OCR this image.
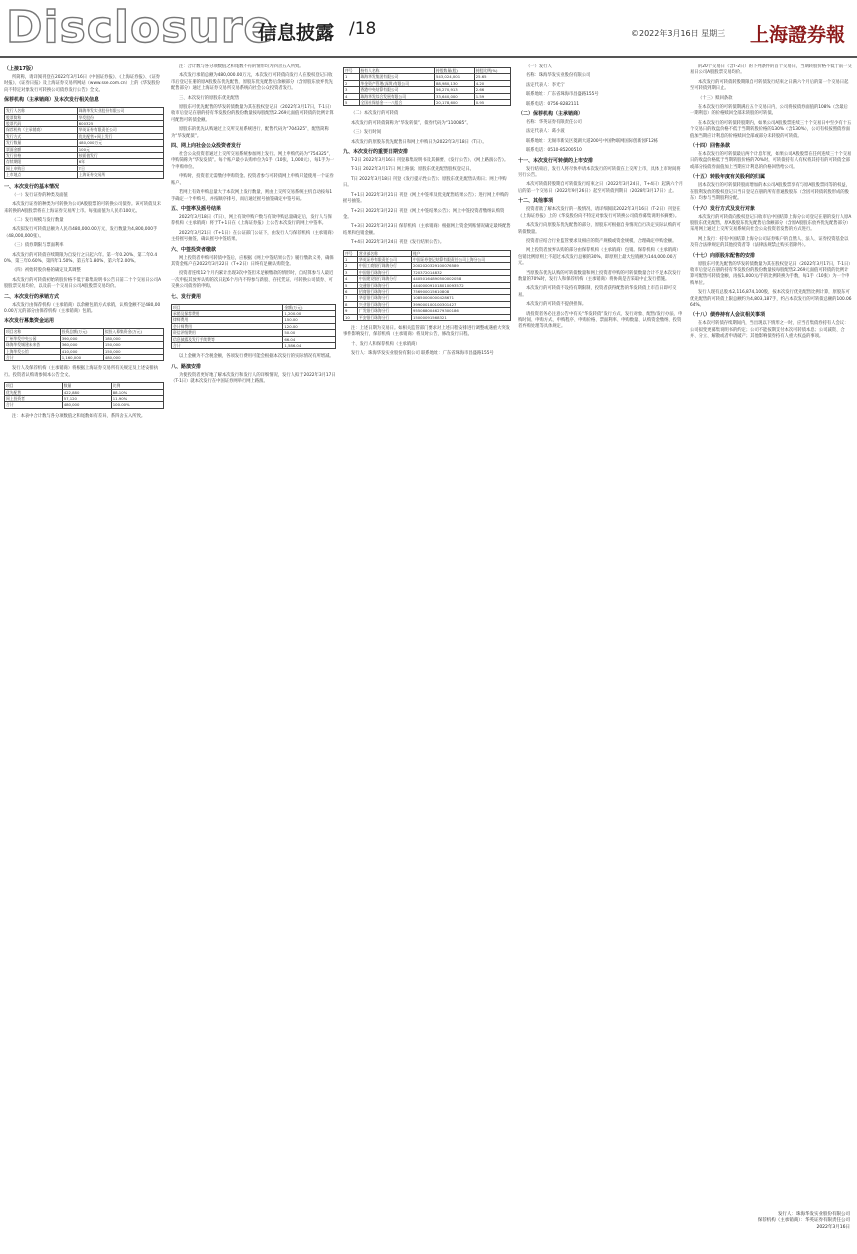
Disclosure
信息披露 /18	©2022年3月16日 星期三 上海證券報
（上接17版）

所简称，请详阅刊登在2022年3月16日《中国证券报》、《上海证券报》、《证券时报》、《证券日报》及上海证券交易所网站（www.sse.com.cn）上的《华发股份向不特定对象发行可转换公司债券发行公告》全文。

保荐机构（主承销商）及本次发行相关信息
发行人名称	珠海华发实业股份有限公司
股票简称	华发股份
股票代码	600325
保荐机构（主承销商）	华英证券有限责任公司
发行方式	优先配售+网上发行
发行数量	480,000万元
票面金额	100元
发行价格	按面值发行
存续期限	6年
网上申购日	T日
上市地点	上海证券交易所
一、本次发行的基本情况

（一）发行证券的种类及面值

本次发行证券的种类为可转换为公司A股股票的可转换公司债券。该可转债及未来转换的A股股票将在上海证券交易所上市。每张面值为人民币100元。

（二）发行规模与发行数量

本次拟发行可转债总额为人民币480,000.00万元，发行数量为4,800,000手（48,000,000张）。

（三）债券期限与票面利率

本次发行的可转债存续期限为自发行之日起六年。第一年0.20%、第二年0.40%、第三年0.60%、第四年1.50%、第五年1.80%、第六年2.00%。

（四）初始转股价格的确定及其调整

本次发行的可转债初始转股价格不低于募集说明书公告日前二十个交易日公司A股股票交易均价，以及前一个交易日公司A股股票交易均价。

二、本次发行的承销方式

本次发行由保荐机构（主承销商）以余额包销方式承销，认购金额不足480,000.00万元的部分由保荐机构（主承销商）包销。

本次发行募集资金运用
项目名称	投资总额(万元)	拟投入募集资金(万元)
广州华发中央公园	390,000	180,000
珠海华发城建未来荟	360,000	150,000
上海华发公馆	410,000	150,000
合计	1,160,000	480,000

发行人及保荐机构（主承销商）将根据上海证券交易所有关规定及上述安排执行。投资者认购请参阅本公告全文。

项目	数量	比例
优先配售	422,880	88.10%
网上投资者	57,120	11.90%
合计	480,000	100.00%

注：本表中合计数与各分项数值之和尾数如有差异，系四舍五入所致。

注：合计数与各分项数值之和尾数不符的情形均为四舍五入所致。

本次发行承销总额为480,000.00万元，本次发行可转债向发行人在股权登记日收市后登记在册的原A股股东优先配售，原股东优先配售后余额部分（含原股东放弃优先配售部分）通过上海证券交易所交易系统向社会公众投资者发行。

三、本次发行的原股东优先配售

原股东可优先配售的华发转债数量为其在股权登记日（2022年3月17日，T-1日）收市后登记在册的持有华发股份的股份数量按每股配售2.269元面值可转债的比例计算可配售可转债金额。

原股东的优先认购通过上交所交易系统进行，配售代码为“704325”，配售简称为“华发配债”。

四、网上向社会公众投资者发行

社会公众投资者通过上交所交易系统参加网上发行。网上申购代码为“754325”，申购简称为“华发发债”。每个账户最小认购单位为1手（10张，1,000元），每1手为一个申购单位。

申购时，投资者无需缴付申购资金。投资者参与可转债网上申购只能使用一个证券账户。

若网上有效申购总量大于本次网上发行数量，则由上交所交易系统主机自动按每1手确定一个申购号，并按顺序排号，而后通过摇号抽签确定中签号码。

五、中签率及摇号结果

2022年3月18日（T日），网上有效申购户数与有效申购总量确定后，发行人与保荐机构（主承销商）将于T+1日在《上海证券报》上公告本次发行的网上中签率。

2022年3月21日（T+1日）在公证部门公证下，由发行人与保荐机构（主承销商）主持摇号抽签，确认摇号中签结果。

六、中签投资者缴款

网上投资者申购可转债中签后，应根据《网上中签结果公告》履行缴款义务，确保其资金账户在2022年3月22日（T+2日）日终有足额认购资金。

投资者连续12个月内累计出现3次中签但未足额缴款的情形时，自结算参与人最近一次申报其放弃认购的次日起6个月内不得参与新股、存托凭证、可转换公司债券、可交换公司债券的申购。

七、发行费用
项目	金额(万元)
承销及保荐费用	1,200.00
律师费用	150.00
会计师费用	120.00
资信评级费用	50.00
信息披露及发行手续费等	66.04
合计	1,586.04

以上金额为不含税金额，各项发行费用可能会根据本次发行的实际情况有所增减。

八、路演安排

为使投资者更好地了解本次发行和发行人的详细情况，发行人拟于2022年3月17日（T-1日）就本次发行在中国证券网举行网上路演。

序号	持有人名称	持股数量(股)	持股比例(%)
1	珠海华发集团有限公司	543,024,001	25.65
2	华金资产管理(深圳)有限公司	88,980,130	4.20
3	香港中央结算有限公司	56,270,913	2.66
4	珠海华发综合发展有限公司	33,640,000	1.59
5	全国社保基金一一八组合	20,178,600	0.95

（二）本次发行的可转债

本次发行的可转债简称为“华发转债”，债券代码为“110085”。

（三）发行时间

本次发行的原股东优先配售日和网上申购日为2022年3月18日（T日）。

九、本次发行的重要日期安排

T-2日 2022年3月16日 刊登募集说明书及其摘要、《发行公告》、《网上路演公告》。

T-1日 2022年3月17日 网上路演；原股东优先配售股权登记日。

T日 2022年3月18日 刊登《发行提示性公告》；原股东优先配售认购日；网上申购日。

T+1日 2022年3月21日 刊登《网上中签率及优先配售结果公告》；进行网上申购的摇号抽签。

T+2日 2022年3月22日 刊登《网上中签结果公告》；网上中签投资者缴纳认购资金。

T+3日 2022年3月23日 保荐机构（主承销商）根据网上资金到账情况确定最终配售结果和包销金额。

T+4日 2022年3月24日 刊登《发行结果公告》。

序号	营业部名称	账户
1	华英证券有限责任公司	中国证券登记结算有限责任公司上海分公司
2	中国工商银行珠海分行	2002020329100076589
3	中国银行珠海分行	720372014832
4	中国建设银行珠海分行	44050164890500002058
5	交通银行珠海分行	444000091018010093572
6	招商银行珠海分行	756900015610808
7	华夏银行珠海分行	10850000000428671
8	兴业银行珠海分行	399000100100301427
9	广发银行珠海分行	9550880046279300186
10	平安银行珠海分行	15000091568321

注：上述日期为交易日。如相关监管部门要求对上述日程安排进行调整或遇重大突发事件影响发行，保荐机构（主承销商）将及时公告，修改发行日程。

十、发行人和保荐机构（主承销商）

发行人：珠海华发实业股份有限公司 联系地址：广东省珠海市昌盛路155号

（一）发行人

名称：珠海华发实业股份有限公司

法定代表人：李光宁

联系地址：广东省珠海市昌盛路155号

联系电话：0756-8282111

（二）保荐机构（主承销商）

名称：华英证券有限责任公司

法定代表人：葛小波

联系地址：无锡市新吴区菱湖大道200号中国物联网国际创新园F12栋

联系电话：0510-85200510

十一、本次发行可转债的上市安排

发行结束后，发行人将尽快申请本次发行的可转债在上交所上市，具体上市时间将另行公告。

本次可转债转股期自可转债发行结束之日（2022年3月24日，T+4日）起满六个月后的第一个交易日（2022年9月26日）起至可转债到期日（2028年3月17日）止。

十二、其他事项

投资者欲了解本次发行的一般情况，请详细阅读2022年3月16日（T-2日）刊登在《上海证券报》上的《华发股份向不特定对象发行可转换公司债券募集说明书摘要》。

本次发行向原股东优先配售的部分，原股东可根据自身情况自行决定实际认购的可转债数量。

投资者应结合行业监管要求及相应的资产规模或资金规模，合理确定申购金额。

网上投资者放弃认购的部分由保荐机构（主承销商）包销。保荐机构（主承销商）包销比例原则上不超过本次发行总额的30%，即原则上最大包销额为144,000.00万元。

当原股东优先认购的可转债数量和网上投资者申购的可转债数量合计不足本次发行数量的70%时，发行人和保荐机构（主承销商）将协商是否采取中止发行措施。

本次发行的可转债不设持有期限制，投资者获得配售的华发转债上市首日即可交易。

本次发行的可转债不提供担保。

请投资者务必注意公告中有关“华发转债”发行方式、发行对象、配售/发行办法、申购时间、申购方式、申购程序、申购价格、票面利率、申购数量、认购资金缴纳、投资者弃购处理等具体规定。

的20个交易日（含T-2日）的下列条件的首个交易日，当期转股价格不低于前一交易日公司A股股票交易均价。

本次发行的可转债转股期限自可转债发行结束之日满六个月后的第一个交易日起至可转债到期日止。

（十三）赎回条款

在本次发行的可转债期满后五个交易日内，公司将按债券面值的108%（含最后一期利息）的价格赎回全部未转股的可转债。

在本次发行的可转债转股期内，如果公司A股股票连续三十个交易日中至少有十五个交易日的收盘价格不低于当期转股价格的130%（含130%），公司有权按照债券面值加当期应计利息的价格赎回全部或部分未转股的可转债。

（十四）回售条款

在本次发行的可转债最后两个计息年度，如果公司A股股票在任何连续三十个交易日的收盘价格低于当期转股价格的70%时，可转债持有人有权将其持有的可转债全部或部分按债券面值加上当期应计利息的价格回售给公司。

（十五）转股年度有关股利的归属

因本次发行的可转债转股而增加的本公司A股股票享有与原A股股票同等的权益，在股利发放的股权登记日当日登记在册的所有普通股股东（含因可转债转股形成的股东）均参与当期股利分配。

（十六）发行方式及发行对象

本次发行的可转债向股权登记日收市后中国结算上海分公司登记在册的发行人原A股股东优先配售，原A股股东优先配售后余额部分（含原A股股东放弃优先配售部分）采用网上通过上交所交易系统向社会公众投资者发售的方式进行。

网上发行：持有中国结算上海分公司证券账户的自然人、法人、证券投资基金以及符合法律规定的其他投资者等（法律法规禁止购买者除外）。

（十七）向原股东配售的安排

原股东可优先配售的华发转债数量为其在股权登记日（2022年3月17日，T-1日）收市后登记在册的持有华发股份的股份数量按每股配售2.269元面值可转债的比例计算可配售可转债金额，再按1,000元/手的比例转换为手数，每1手（10张）为一个申购单位。

发行人现有总股本2,116,874,100股，按本次发行优先配售比例计算，原股东可优先配售的可转债上限总额约为4,803,187手，约占本次发行的可转债总额的100.0664%。

（十八）债券持有人会议相关事项

在本次可转债存续期间内，当出现以下情形之一时，应当召集债券持有人会议：公司拟变更募集说明书的约定；公司不能按期支付本次可转债本息；公司减资、合并、分立、解散或者申请破产；其他影响债券持有人重大权益的事项。

发行人：珠海华发实业股份有限公司
保荐机构（主承销商）：华英证券有限责任公司
2022年3月16日
